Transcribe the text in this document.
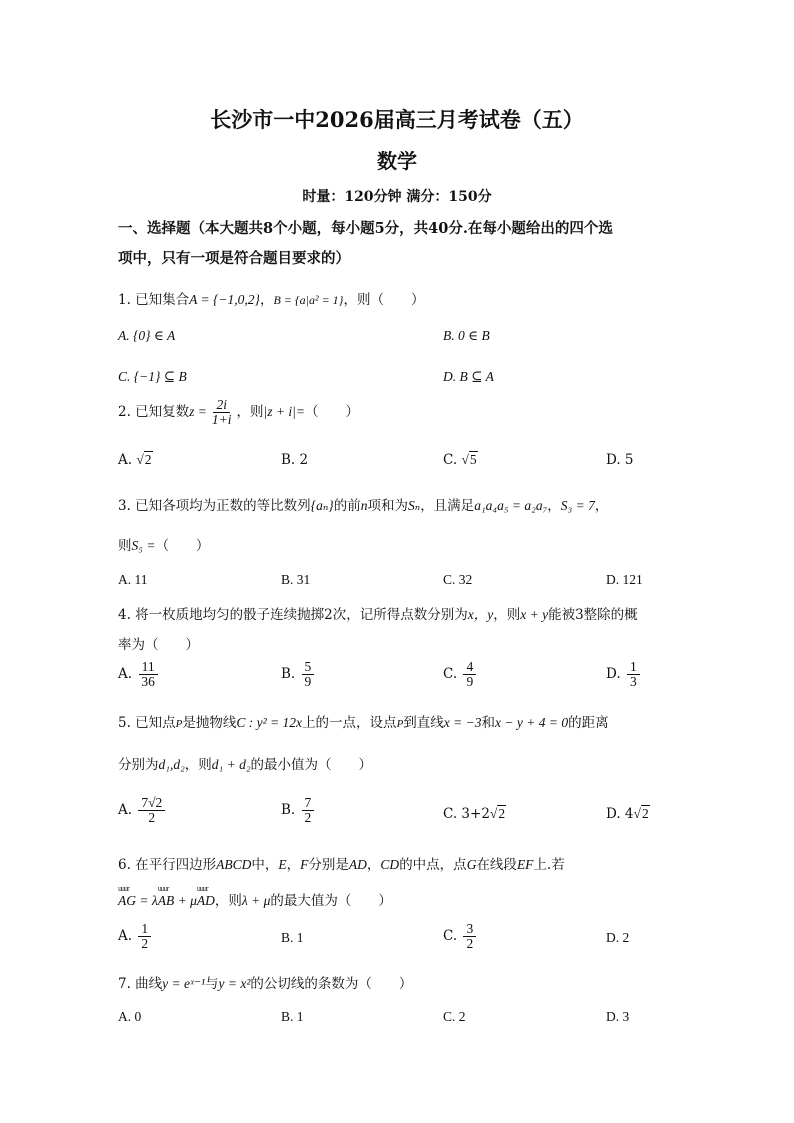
长沙市一中2026届高三月考试卷（五）
数学
时量：120分钟 满分：150分
一、选择题（本大题共8个小题，每小题5分，共40分.在每小题给出的四个选
项中，只有一项是符合题目要求的）
1. 已知集合A = {−1,0,2}，B = {a|a² = 1}，则（　　）
A. {0} ∈ A	B. 0 ∈ B
C. {−1} ⊆ B	D. B ⊆ A
2. 已知复数$z = \frac{2i}{1+i}$ ，则|z + i|=（　　）
A. √2	B. 2	C. √5	D. 5
3. 已知各项均为正数的等比数列{aₙ}的前n项和为Sₙ，且满足a₁a₄a₅ = a₂a₇，S₃ = 7，
则S₅ =（　　）
A. 11	B. 31	C. 32	D. 121
4. 将一枚质地均匀的骰子连续抛掷2次，记所得点数分别为x，y，则x + y能被3整除的概
率为（　　）
A. $\frac{11}{36}$	B. $\frac{5}{9}$	C. $\frac{4}{9}$	D. $\frac{1}{3}$
5. 已知点P是抛物线C : y² = 12x上的一点，设点P到直线x = −3和x − y + 4 = 0的距离
分别为d₁,d₂，则d₁ + d₂的最小值为（　　）
A. $\frac{7√2}{2}$	B. $\frac{7}{2}$	C. 3+2√2	D. 4√2
6. 在平行四边形ABCD中，E，F分别是AD，CD的中点，点G在线段EF上.若
uuur AG = λuuur AB + μuuur AD，则λ + μ的最大值为（　　）
A. $\frac{1}{2}$	B. 1	C. $\frac{3}{2}$	D. 2
7. 曲线y = eˣ⁻¹与y = x²的公切线的条数为（　　）
A. 0	B. 1	C. 2	D. 3
